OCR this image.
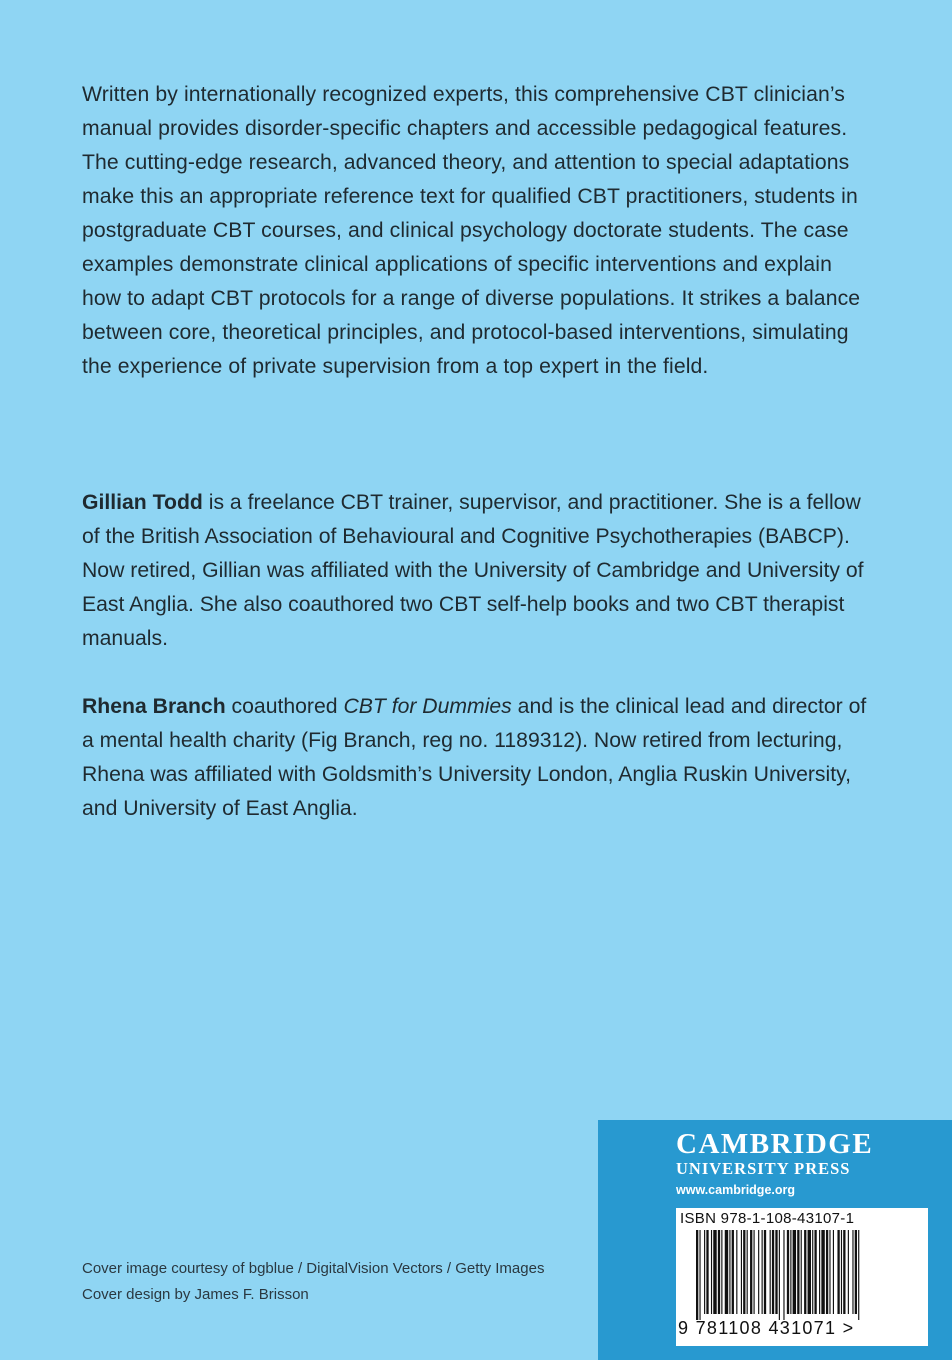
Written by internationally recognized experts, this comprehensive CBT clinician’s manual provides disorder-specific chapters and accessible pedagogical features. The cutting-edge research, advanced theory, and attention to special adaptations make this an appropriate reference text for qualified CBT practitioners, students in postgraduate CBT courses, and clinical psychology doctorate students. The case examples demonstrate clinical applications of specific interventions and explain how to adapt CBT protocols for a range of diverse populations. It strikes a balance between core, theoretical principles, and protocol-based interventions, simulating the experience of private supervision from a top expert in the field.

Gillian Todd is a freelance CBT trainer, supervisor, and practitioner. She is a fellow of the British Association of Behavioural and Cognitive Psychotherapies (BABCP). Now retired, Gillian was affiliated with the University of Cambridge and University of East Anglia. She also coauthored two CBT self-help books and two CBT therapist manuals.

Rhena Branch coauthored CBT for Dummies and is the clinical lead and director of a mental health charity (Fig Branch, reg no. 1189312). Now retired from lecturing, Rhena was affiliated with Goldsmith’s University London, Anglia Ruskin University, and University of East Anglia.

Cover image courtesy of bgblue / DigitalVision Vectors / Getty Images
Cover design by James F. Brisson
CAMBRIDGE
UNIVERSITY PRESS
www.cambridge.org
ISBN 978-1-108-43107-1
9 781108 431071 >
